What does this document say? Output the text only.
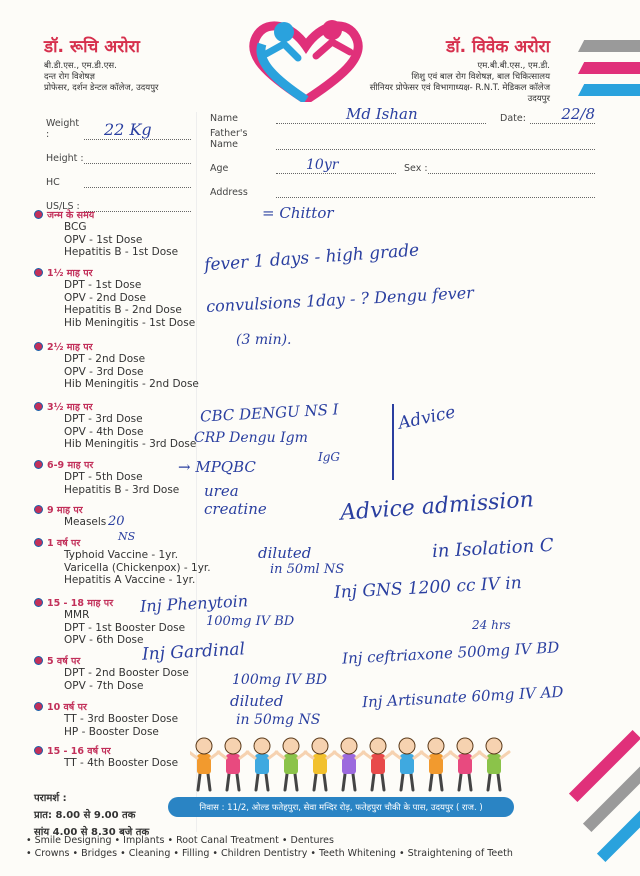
डॉ. रूचि अरोरा
बी.डी.एस., एम.डी.एस.
दन्त रोग विशेषज्ञ
प्रोफेसर, दर्शन डेन्टल कॉलेज, उदयपुर
डॉ. विवेक अरोरा
एम.बी.बी.एस., एम.डी.
शिशु एवं बाल रोग विशेषज्ञ, बाल चिकित्सालय
सीनियर प्रोफेसर एवं विभागाध्यक्ष- R.N.T. मेडिकल कॉलेज
उदयपुर
Weight :	22 Kg
Height :
HC
US/LS :
Name	Md Ishan	Date:	22/8
Father's Name
Age	10yr	Sex :
Address
= Chittor
जन्म के समय
BCG
OPV - 1st Dose
Hepatitis B - 1st Dose
1½ माह पर
DPT - 1st Dose
OPV - 2nd Dose
Hepatitis B - 2nd Dose
Hib Meningitis - 1st Dose
2½ माह पर
DPT - 2nd Dose
OPV - 3rd Dose
Hib Meningitis - 2nd Dose
3½ माह पर
DPT - 3rd Dose
OPV - 4th Dose
Hib Meningitis - 3rd Dose
6-9 माह पर
DPT - 5th Dose
Hepatitis B - 3rd Dose
9 माह पर
Measels
1 वर्ष पर
Typhoid Vaccine - 1yr.
Varicella (Chickenpox) - 1yr.
Hepatitis A Vaccine - 1yr.
15 - 18 माह पर
MMR
DPT - 1st Booster Dose
OPV - 6th Dose
5 वर्ष पर
DPT - 2nd Booster Dose
OPV - 7th Dose
10 वर्ष पर
TT - 3rd Booster Dose
HP - Booster Dose
15 - 16 वर्ष पर
TT - 4th Booster Dose
fever 1 days - high grade
convulsions 1day - ? Dengu fever
(3 min).
CBC DENGU NS I
CRP Dengu Igm
IgG
→ MPQBC
urea
creatine
Advice
Advice admission
in Isolation C
diluted
in 50ml NS
Inj Phenytoin
100mg IV BD
Inj GNS 1200 cc IV in
24 hrs
Inj Gardinal
100mg IV BD
Inj ceftriaxone 500mg IV BD
diluted
in 50mg NS
Inj Artisunate 60mg IV AD
20
NS
परामर्श :
प्रात: 8.00 से 9.00 तक
सांय 4.00 से 8.30 बजे तक
निवास : 11/2, ओल्ड फतेहपुरा, सेवा मन्दिर रोड़, फतेहपुरा चौकी के पास, उदयपुर ( राज. )
• Smile Designing • Implants • Root Canal Treatment • Dentures
• Crowns • Bridges • Cleaning • Filling • Children Dentistry • Teeth Whitening • Straightening of Teeth
